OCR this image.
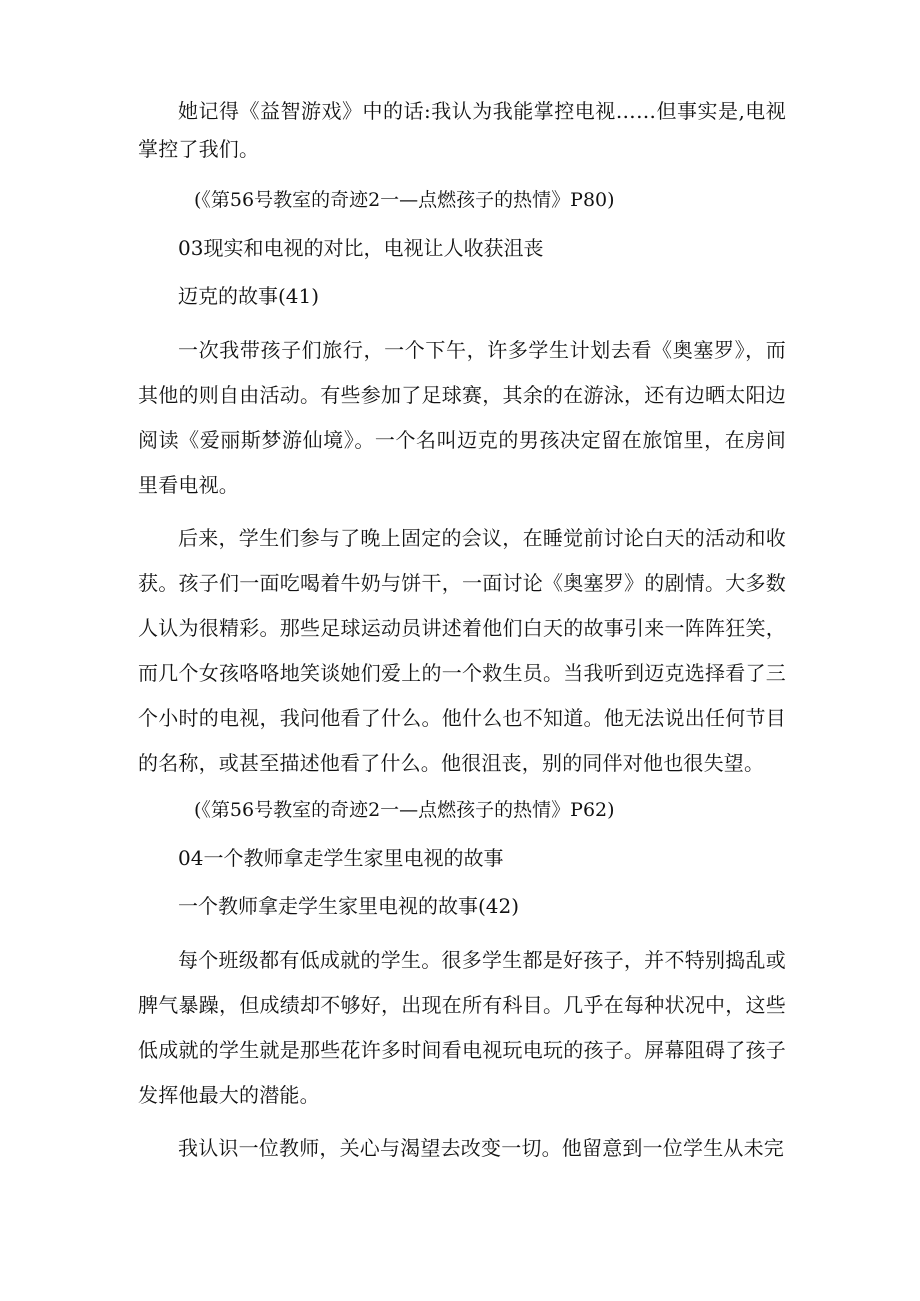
她记得《益智游戏》中的话:我认为我能掌控电视……但事实是,电视掌控了我们。

(《第56号教室的奇迹2一—点燃孩子的热情》P80)

03现实和电视的对比，电视让人收获沮丧

迈克的故事(41)

一次我带孩子们旅行，一个下午，许多学生计划去看《奥塞罗》，而其他的则自由活动。有些参加了足球赛，其余的在游泳，还有边晒太阳边阅读《爱丽斯梦游仙境》。一个名叫迈克的男孩决定留在旅馆里，在房间里看电视。

后来，学生们参与了晚上固定的会议，在睡觉前讨论白天的活动和收获。孩子们一面吃喝着牛奶与饼干，一面讨论《奥塞罗》的剧情。大多数人认为很精彩。那些足球运动员讲述着他们白天的故事引来一阵阵狂笑，而几个女孩咯咯地笑谈她们爱上的一个救生员。当我听到迈克选择看了三个小时的电视，我问他看了什么。他什么也不知道。他无法说出任何节目的名称，或甚至描述他看了什么。他很沮丧，别的同伴对他也很失望。

(《第56号教室的奇迹2一—点燃孩子的热情》P62)

04一个教师拿走学生家里电视的故事

一个教师拿走学生家里电视的故事(42)

每个班级都有低成就的学生。很多学生都是好孩子，并不特别捣乱或脾气暴躁，但成绩却不够好，出现在所有科目。几乎在每种状况中，这些低成就的学生就是那些花许多时间看电视玩电玩的孩子。屏幕阻碍了孩子发挥他最大的潜能。

我认识一位教师，关心与渴望去改变一切。他留意到一位学生从未完
